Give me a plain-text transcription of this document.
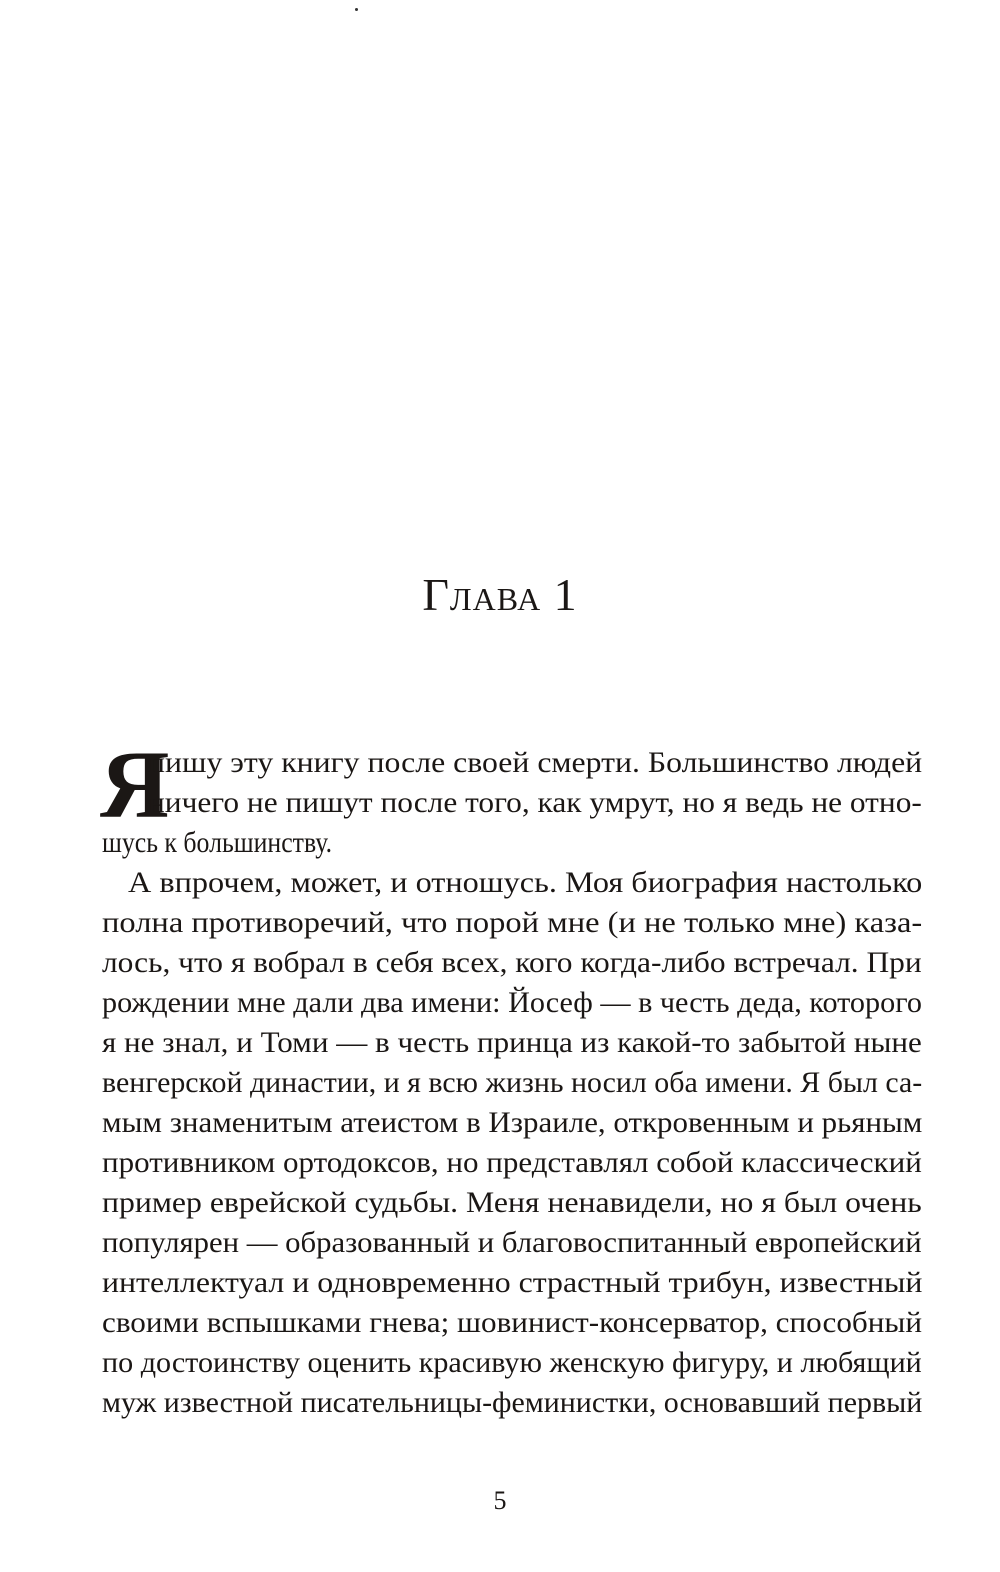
Глава 1
Я
пишу эту книгу после своей смерти. Большинство людей
ничего не пишут после того, как умрут, но я ведь не отно-
шусь к большинству.
А впрочем, может, и отношусь. Моя биография настолько
полна противоречий, что порой мне (и не только мне) каза-
лось, что я вобрал в себя всех, кого когда-либо встречал. При
рождении мне дали два имени: Йосеф — в честь деда, которого
я не знал, и Томи — в честь принца из какой-то забытой ныне
венгерской династии, и я всю жизнь носил оба имени. Я был са-
мым знаменитым атеистом в Израиле, откровенным и рьяным
противником ортодоксов, но представлял собой классический
пример еврейской судьбы. Меня ненавидели, но я был очень
популярен — образованный и благовоспитанный европейский
интеллектуал и одновременно страстный трибун, известный
своими вспышками гнева; шовинист-консерватор, способный
по достоинству оценить красивую женскую фигуру, и любящий
муж известной писательницы-феминистки, основавший первый
5
